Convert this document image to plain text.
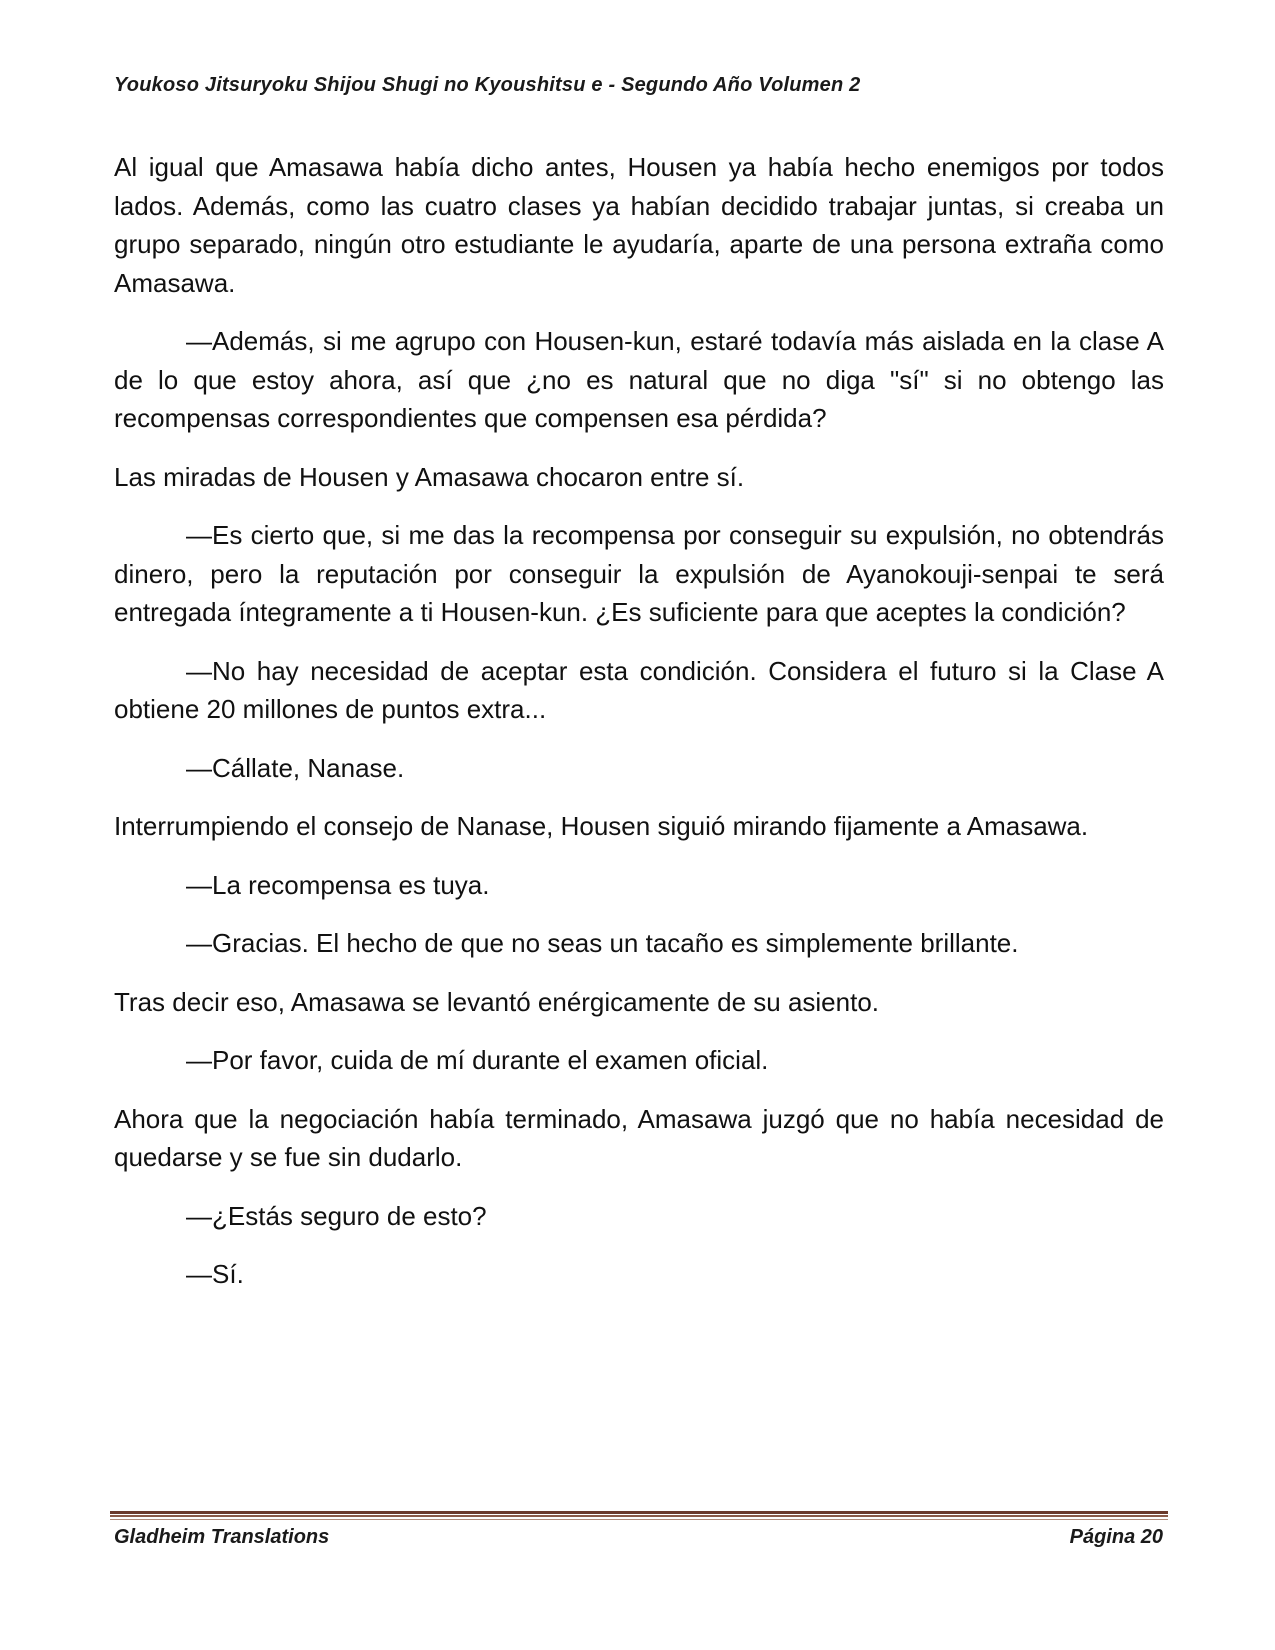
Youkoso Jitsuryoku Shijou Shugi no Kyoushitsu e - Segundo Año Volumen 2

Al igual que Amasawa había dicho antes, Housen ya había hecho enemigos por todos lados. Además, como las cuatro clases ya habían decidido trabajar juntas, si creaba un grupo separado, ningún otro estudiante le ayudaría, aparte de una persona extraña como Amasawa.

—Además, si me agrupo con Housen-kun, estaré todavía más aislada en la clase A de lo que estoy ahora, así que ¿no es natural que no diga "sí" si no obtengo las recompensas correspondientes que compensen esa pérdida?

Las miradas de Housen y Amasawa chocaron entre sí.

—Es cierto que, si me das la recompensa por conseguir su expulsión, no obtendrás dinero, pero la reputación por conseguir la expulsión de Ayanokouji-senpai te será entregada íntegramente a ti Housen-kun. ¿Es suficiente para que aceptes la condición?

—No hay necesidad de aceptar esta condición. Considera el futuro si la Clase A obtiene 20 millones de puntos extra...

—Cállate, Nanase.

Interrumpiendo el consejo de Nanase, Housen siguió mirando fijamente a Amasawa.

—La recompensa es tuya.

—Gracias. El hecho de que no seas un tacaño es simplemente brillante.

Tras decir eso, Amasawa se levantó enérgicamente de su asiento.

—Por favor, cuida de mí durante el examen oficial.

Ahora que la negociación había terminado, Amasawa juzgó que no había necesidad de quedarse y se fue sin dudarlo.

—¿Estás seguro de esto?

—Sí.

Gladheim Translations	Página 20
